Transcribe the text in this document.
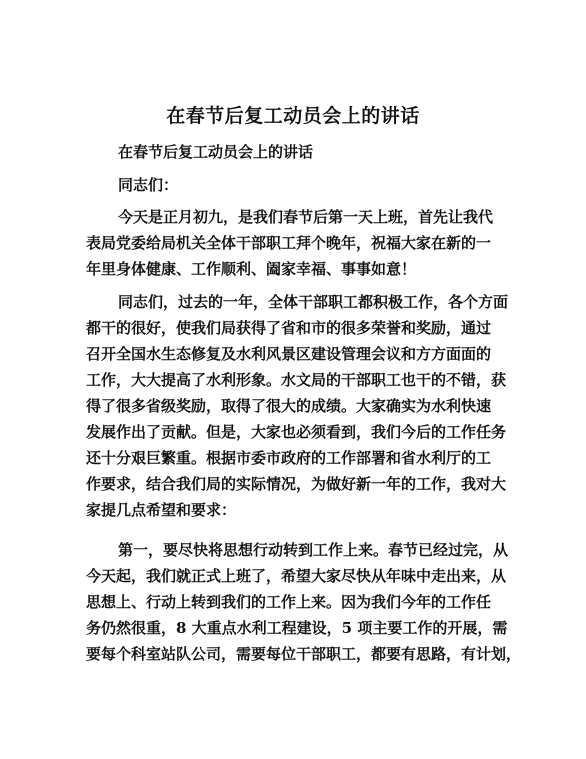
在春节后复工动员会上的讲话
在春节后复工动员会上的讲话
同志们：
今天是正月初九，是我们春节后第一天上班，首先让我代
表局党委给局机关全体干部职工拜个晚年，祝福大家在新的一
年里身体健康、工作顺利、阖家幸福、事事如意！
同志们，过去的一年，全体干部职工都积极工作，各个方面
都干的很好，使我们局获得了省和市的很多荣誉和奖励，通过
召开全国水生态修复及水利风景区建设管理会议和方方面面的
工作，大大提高了水利形象。水文局的干部职工也干的不错，获
得了很多省级奖励，取得了很大的成绩。大家确实为水利快速
发展作出了贡献。但是，大家也必须看到，我们今后的工作任务
还十分艰巨繁重。根据市委市政府的工作部署和省水利厅的工
作要求，结合我们局的实际情况，为做好新一年的工作，我对大
家提几点希望和要求：
第一，要尽快将思想行动转到工作上来。春节已经过完，从
今天起，我们就正式上班了，希望大家尽快从年味中走出来，从
思想上、行动上转到我们的工作上来。因为我们今年的工作任
务仍然很重，8 大重点水利工程建设，5 项主要工作的开展，需
要每个科室站队公司，需要每位干部职工，都要有思路，有计划，
